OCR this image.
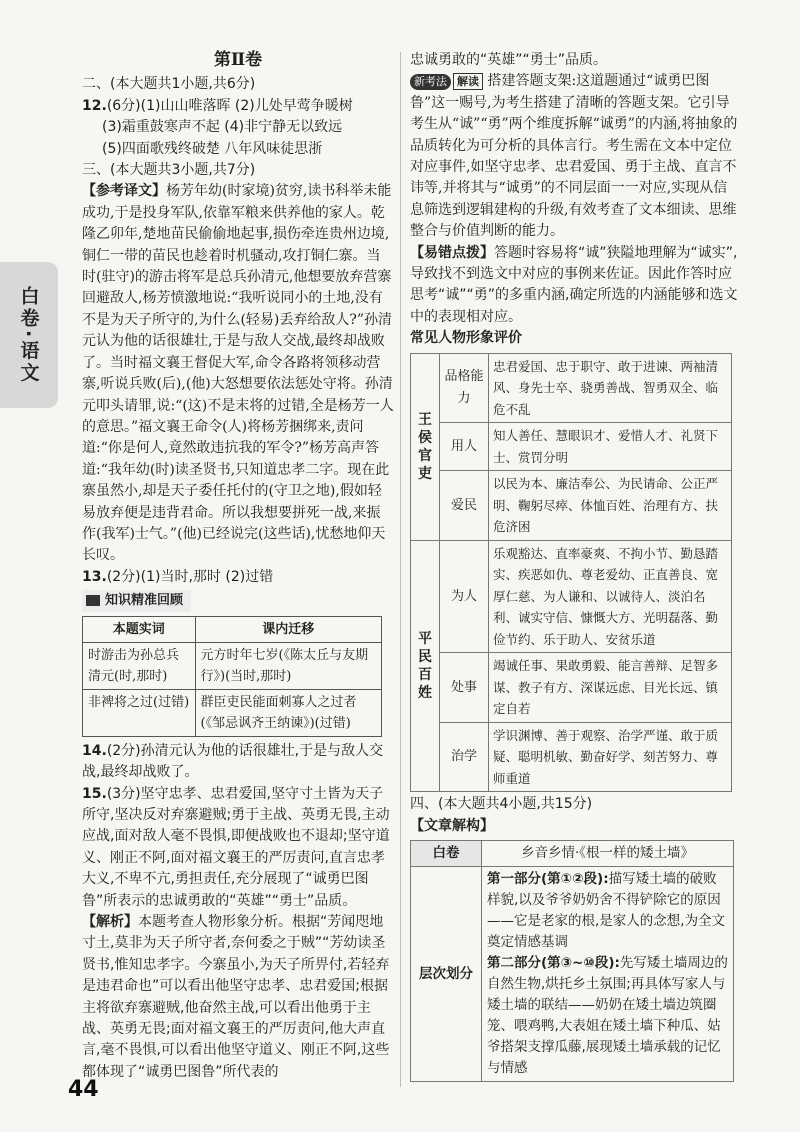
白卷·语文

第Ⅱ卷

二、(本大题共1小题,共6分)

12.(6分)(1)山山唯落晖 (2)儿处早莺争暖树

(3)霜重鼓寒声不起 (4)非宁静无以致远

(5)四面歌残终破楚 八年风味徒思浙

三、(本大题共3小题,共7分)

【参考译文】杨芳年幼(时家境)贫穷,读书科举未能成功,于是投身军队,依靠军粮来供养他的家人。乾隆乙卯年,楚地苗民偷偷地起事,损伤牵连贵州边境,铜仁一带的苗民也趁着时机骚动,攻打铜仁寨。当时(驻守)的游击将军是总兵孙清元,他想要放弃营寨回避敌人,杨芳愤激地说:“我听说同小的土地,没有不是为天子所守的,为什么(轻易)丢弃给敌人?”孙清元认为他的话很雄壮,于是与敌人交战,最终却战败了。当时福文襄王督促大军,命令各路将领移动营寨,听说兵败(后),(他)大怒想要依法惩处守将。孙清元叩头请罪,说:“(这)不是末将的过错,全是杨芳一人的意思。”福文襄王命令(人)将杨芳捆绑来,责问道:“你是何人,竟然敢违抗我的军令?”杨芳高声答道:“我年幼(时)读圣贤书,只知道忠孝二字。现在此寨虽然小,却是天子委任托付的(守卫之地),假如轻易放弃便是违背君命。所以我想要拼死一战,来振作(我军)士气。”(他)已经说完(这些话),忧愁地仰天长叹。

13.(2分)(1)当时,那时 (2)过错

知识精准回顾
本题实词	课内迁移
时游击为孙总兵清元(时,那时)	元方时年七岁(《陈太丘与友期行》)(当时,那时)
非裨将之过(过错)	群臣吏民能面刺寡人之过者(《邹忌讽齐王纳谏》)(过错)

14.(2分)孙清元认为他的话很雄壮,于是与敌人交战,最终却战败了。

15.(3分)坚守忠孝、忠君爱国,坚守寸土皆为天子所守,坚决反对弃寨避贼;勇于主战、英勇无畏,主动应战,面对敌人毫不畏惧,即便战败也不退却;坚守道义、刚正不阿,面对福文襄王的严厉责问,直言忠孝大义,不卑不亢,勇担责任,充分展现了“诚勇巴图鲁”所表示的忠诚勇敢的“英雄”“勇士”品质。

【解析】本题考查人物形象分析。根据“芳闻咫地寸土,莫非为天子所守者,奈何委之于贼”“芳幼读圣贤书,惟知忠孝字。今寨虽小,为天子所畀付,若轻弃是违君命也”可以看出他坚守忠孝、忠君爱国;根据主将欲弃寨避贼,他奋然主战,可以看出他勇于主战、英勇无畏;面对福文襄王的严厉责问,他大声直言,毫不畏惧,可以看出他坚守道义、刚正不阿,这些都体现了“诚勇巴图鲁”所代表的

忠诚勇敢的“英雄”“勇士”品质。

新考法 解读 搭建答题支架:这道题通过“诚勇巴图鲁”这一赐号,为考生搭建了清晰的答题支架。它引导考生从“诚”“勇”两个维度拆解“诚勇”的内涵,将抽象的品质转化为可分析的具体言行。考生需在文本中定位对应事件,如坚守忠孝、忠君爱国、勇于主战、直言不讳等,并将其与“诚勇”的不同层面一一对应,实现从信息筛选到逻辑建构的升级,有效考查了文本细读、思维整合与价值判断的能力。

【易错点拨】答题时容易将“诚”狭隘地理解为“诚实”,导致找不到选文中对应的事例来佐证。因此作答时应思考“诚”“勇”的多重内涵,确定所选的内涵能够和选文中的表现相对应。

常见人物形象评价

王侯官吏	品格能力	忠君爱国、忠于职守、敢于进谏、两袖清风、身先士卒、骁勇善战、智勇双全、临危不乱
	用人	知人善任、慧眼识才、爱惜人才、礼贤下士、赏罚分明
	爱民	以民为本、廉洁奉公、为民请命、公正严明、鞠躬尽瘁、体恤百姓、治理有方、扶危济困
平民百姓	为人	乐观豁达、直率豪爽、不拘小节、勤恳踏实、疾恶如仇、尊老爱幼、正直善良、宽厚仁慈、为人谦和、以诚待人、淡泊名利、诚实守信、慷慨大方、光明磊落、勤俭节约、乐于助人、安贫乐道
	处事	竭诚任事、果敢勇毅、能言善辩、足智多谋、教子有方、深谋远虑、目光长远、镇定自若
	治学	学识渊博、善于观察、治学严谨、敢于质疑、聪明机敏、勤奋好学、刻苦努力、尊师重道

四、(本大题共4小题,共15分)

【文章解构】

白卷	乡音乡情·《根一样的矮土墙》
层次划分	第一部分(第①②段):描写矮土墙的破败样貌,以及爷爷奶奶舍不得铲除它的原因——它是老家的根,是家人的念想,为全文奠定情感基调
第二部分(第③~⑩段):先写矮土墙周边的自然生物,烘托乡土氛围;再具体写家人与矮土墙的联结——奶奶在矮土墙边筑圈笼、喂鸡鸭,大表姐在矮土墙下种瓜、姑爷搭架支撑瓜藤,展现矮土墙承载的记忆与情感
44
